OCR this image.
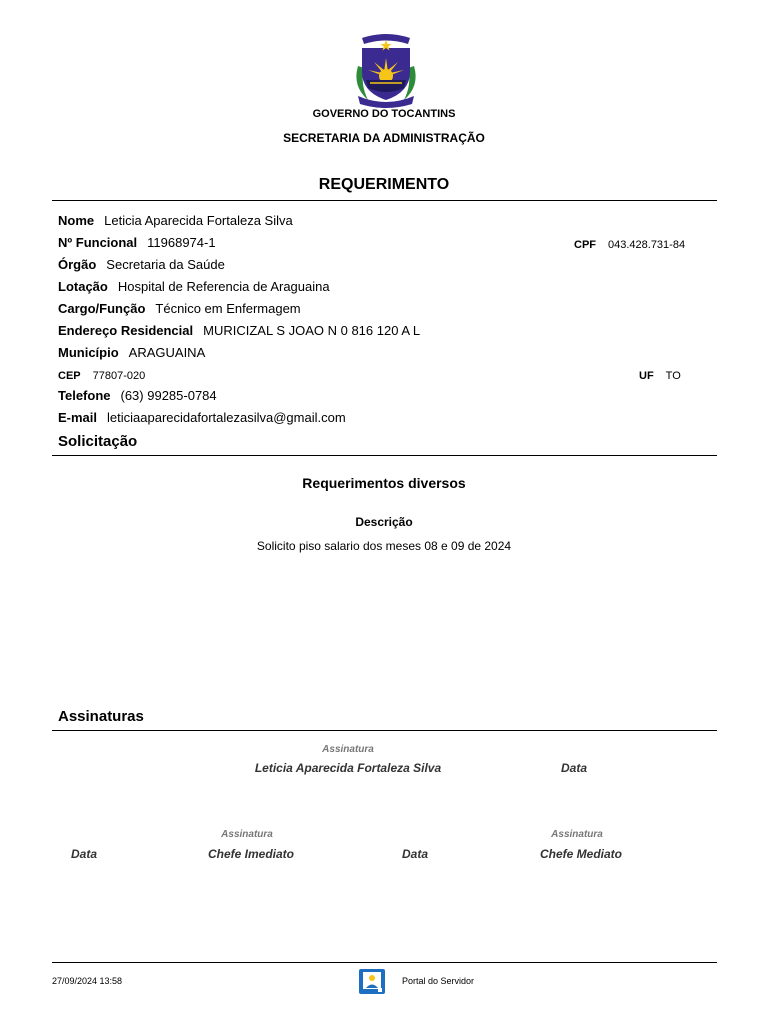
GOVERNO DO TOCANTINS
SECRETARIA DA ADMINISTRAÇÃO
REQUERIMENTO
Nome Leticia Aparecida Fortaleza Silva
Nº Funcional 11968974-1	CPF 043.428.731-84
Órgão Secretaria da Saúde
Lotação Hospital de Referencia de Araguaina
Cargo/Função Técnico em Enfermagem
Endereço Residencial MURICIZAL S JOAO N 0 816 120 A L
Município ARAGUAINA
CEP 77807-020	UF TO
Telefone (63) 99285-0784
E-mail leticiaaparecidafortalezasilva@gmail.com
Solicitação
Requerimentos diversos
Descrição
Solicito piso salario dos meses 08 e 09 de 2024
Assinaturas
Assinatura
Leticia Aparecida Fortaleza Silva	Data
Assinatura	Assinatura
Data	Chefe Imediato	Data	Chefe Mediato
27/09/2024 13:58	Portal do Servidor
